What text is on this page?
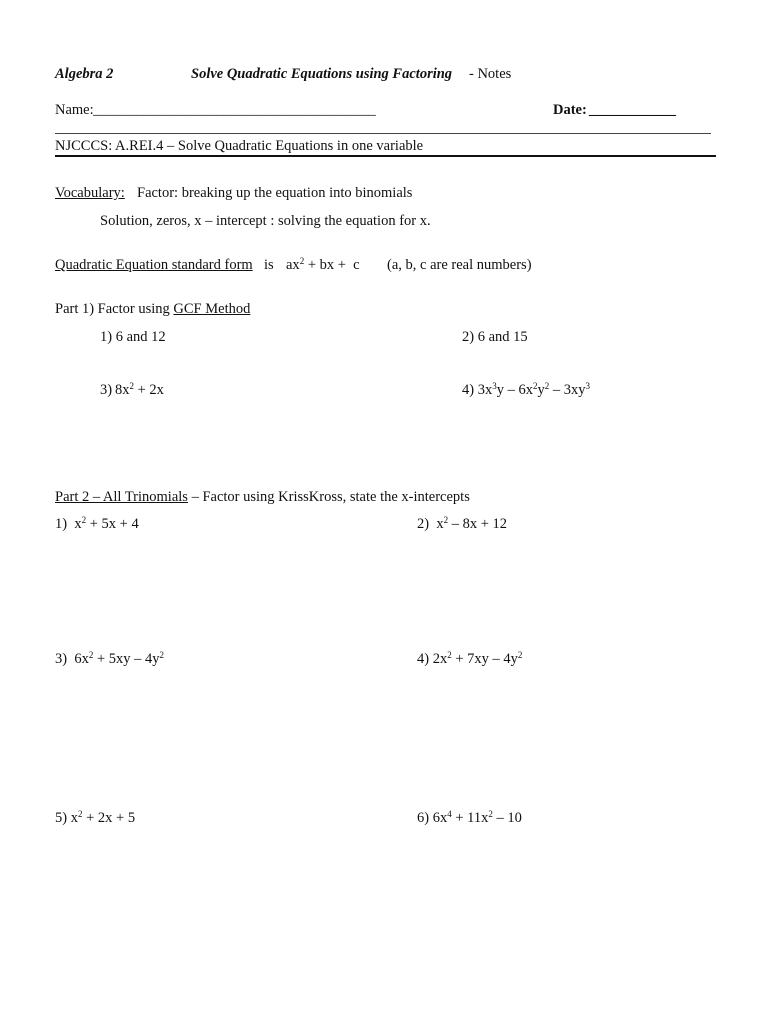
Algebra 2	Solve Quadratic Equations using Factoring - Notes
Name: _______________________________________	Date: ____________
NJCCCS: A.REI.4 – Solve Quadratic Equations in one variable
Vocabulary: Factor: breaking up the equation into binomials
Solution, zeros, x – intercept : solving the equation for x.
Quadratic Equation standard form is $ax^2$ + bx +  c (a, b, c are real numbers)
Part 1) Factor using GCF Method
1) 6 and 12	2) 6 and 15
3) $8x^2 + 2x$	4) $3x^3y - 6x^2y^2 - 3xy^3$
Part 2 – All Trinomials – Factor using KrissKross, state the x-intercepts
1)  $x^2 + 5x + 4$	2)  $x^2 - 8x + 12$
3)  $6x^2 + 5xy - 4y^2$	4) $2x^2 + 7xy - 4y^2$
5) $x^2 + 2x + 5$	6) $6x^4 + 11x^2 - 10$
